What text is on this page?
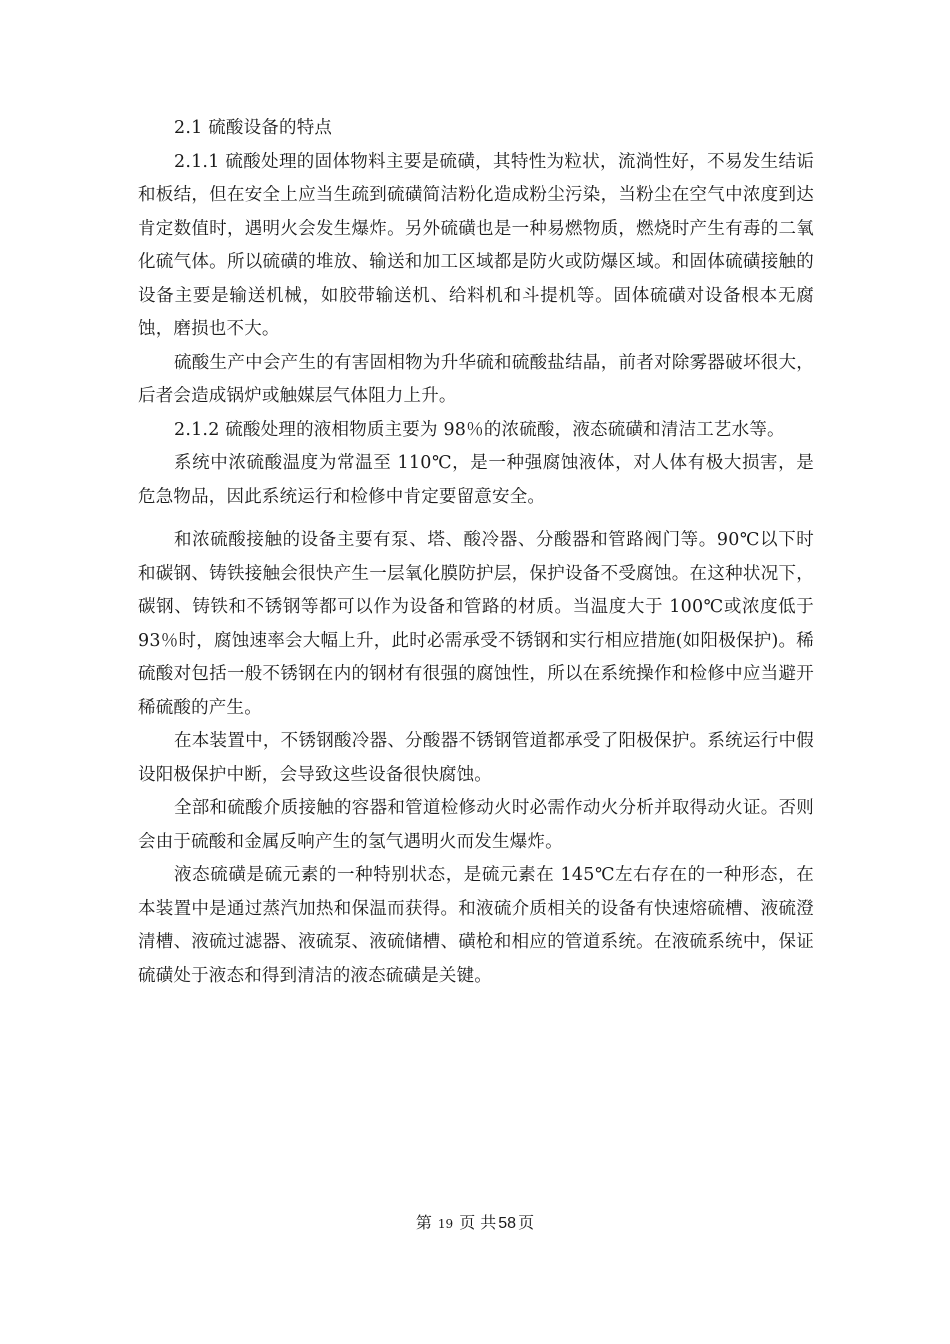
2.1 硫酸设备的特点

2.1.1 硫酸处理的固体物料主要是硫磺，其特性为粒状，流淌性好，不易发生结诟和板结，但在安全上应当生疏到硫磺简洁粉化造成粉尘污染，当粉尘在空气中浓度到达肯定数值时，遇明火会发生爆炸。另外硫磺也是一种易燃物质，燃烧时产生有毒的二氧化硫气体。所以硫磺的堆放、输送和加工区域都是防火或防爆区域。和固体硫磺接触的设备主要是输送机械，如胶带输送机、给料机和斗提机等。固体硫磺对设备根本无腐蚀，磨损也不大。

硫酸生产中会产生的有害固相物为升华硫和硫酸盐结晶，前者对除雾器破坏很大，后者会造成锅炉或触媒层气体阻力上升。

2.1.2 硫酸处理的液相物质主要为 98％的浓硫酸，液态硫磺和清洁工艺水等。

系统中浓硫酸温度为常温至 110℃，是一种强腐蚀液体，对人体有极大损害，是危急物品，因此系统运行和检修中肯定要留意安全。

和浓硫酸接触的设备主要有泵、塔、酸冷器、分酸器和管路阀门等。90℃以下时和碳钢、铸铁接触会很快产生一层氧化膜防护层，保护设备不受腐蚀。在这种状况下，碳钢、铸铁和不锈钢等都可以作为设备和管路的材质。当温度大于 100℃或浓度低于 93％时，腐蚀速率会大幅上升，此时必需承受不锈钢和实行相应措施(如阳极保护)。稀硫酸对包括一般不锈钢在内的钢材有很强的腐蚀性，所以在系统操作和检修中应当避开稀硫酸的产生。

在本装置中，不锈钢酸冷器、分酸器不锈钢管道都承受了阳极保护。系统运行中假设阳极保护中断，会导致这些设备很快腐蚀。

全部和硫酸介质接触的容器和管道检修动火时必需作动火分析并取得动火证。否则会由于硫酸和金属反响产生的氢气遇明火而发生爆炸。

液态硫磺是硫元素的一种特别状态，是硫元素在 145℃左右存在的一种形态，在本装置中是通过蒸汽加热和保温而获得。和液硫介质相关的设备有快速熔硫槽、液硫澄清槽、液硫过滤器、液硫泵、液硫储槽、磺枪和相应的管道系统。在液硫系统中，保证硫磺处于液态和得到清洁的液态硫磺是关键。

第 19 页 共 58 页
